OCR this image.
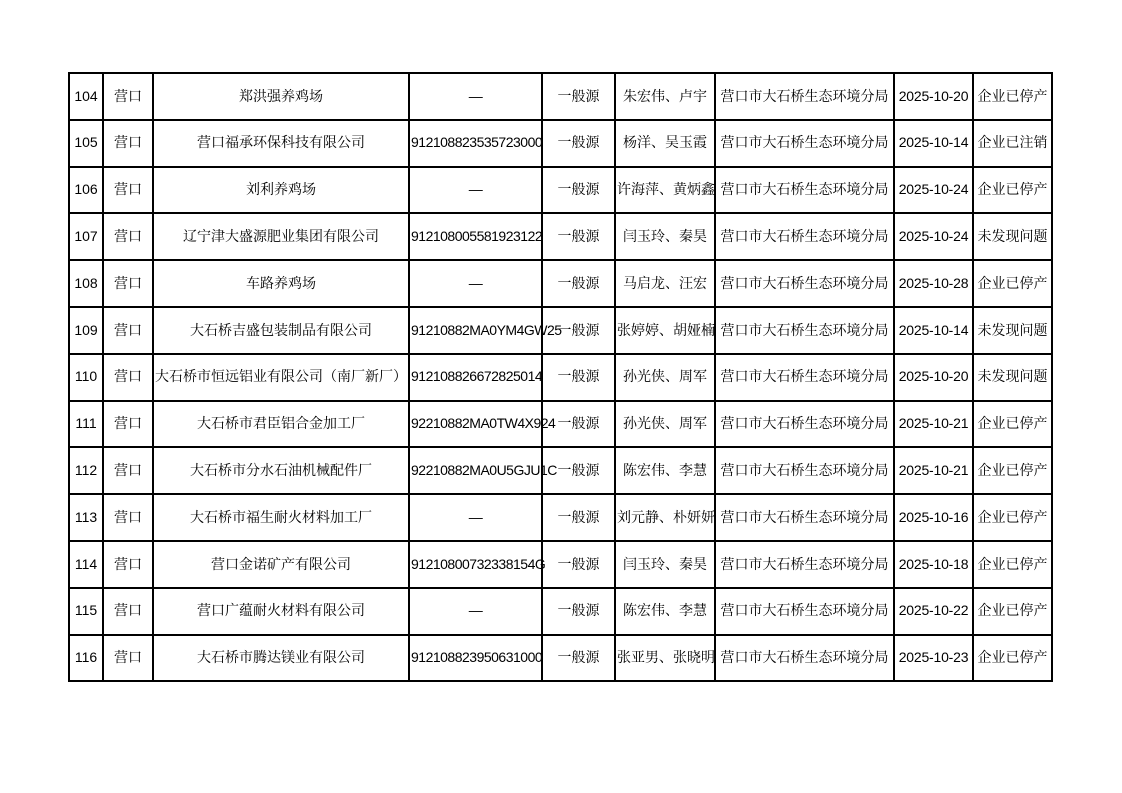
104	营口	郑洪强养鸡场	—	一般源	朱宏伟、卢宇	营口市大石桥生态环境分局	2025-10-20	企业已停产
105	营口	营口福承环保科技有限公司	912108823535723000	一般源	杨洋、吴玉霞	营口市大石桥生态环境分局	2025-10-14	企业已注销
106	营口	刘利养鸡场	—	一般源	许海萍、黄炳鑫	营口市大石桥生态环境分局	2025-10-24	企业已停产
107	营口	辽宁津大盛源肥业集团有限公司	912108005581923122	一般源	闫玉玲、秦昊	营口市大石桥生态环境分局	2025-10-24	未发现问题
108	营口	车路养鸡场	—	一般源	马启龙、汪宏	营口市大石桥生态环境分局	2025-10-28	企业已停产
109	营口	大石桥吉盛包装制品有限公司	91210882MA0YM4GW25	一般源	张婷婷、胡娅楠	营口市大石桥生态环境分局	2025-10-14	未发现问题
110	营口	大石桥市恒远铝业有限公司（南厂新厂）	912108826672825014	一般源	孙光侠、周军	营口市大石桥生态环境分局	2025-10-20	未发现问题
111	营口	大石桥市君臣铝合金加工厂	92210882MA0TW4X924	一般源	孙光侠、周军	营口市大石桥生态环境分局	2025-10-21	企业已停产
112	营口	大石桥市分水石油机械配件厂	92210882MA0U5GJU1C	一般源	陈宏伟、李慧	营口市大石桥生态环境分局	2025-10-21	企业已停产
113	营口	大石桥市福生耐火材料加工厂	—	一般源	刘元静、朴妍妍	营口市大石桥生态环境分局	2025-10-16	企业已停产
114	营口	营口金诺矿产有限公司	91210800732338154G	一般源	闫玉玲、秦昊	营口市大石桥生态环境分局	2025-10-18	企业已停产
115	营口	营口广蕴耐火材料有限公司	—	一般源	陈宏伟、李慧	营口市大石桥生态环境分局	2025-10-22	企业已停产
116	营口	大石桥市腾达镁业有限公司	912108823950631000	一般源	张亚男、张晓明	营口市大石桥生态环境分局	2025-10-23	企业已停产
